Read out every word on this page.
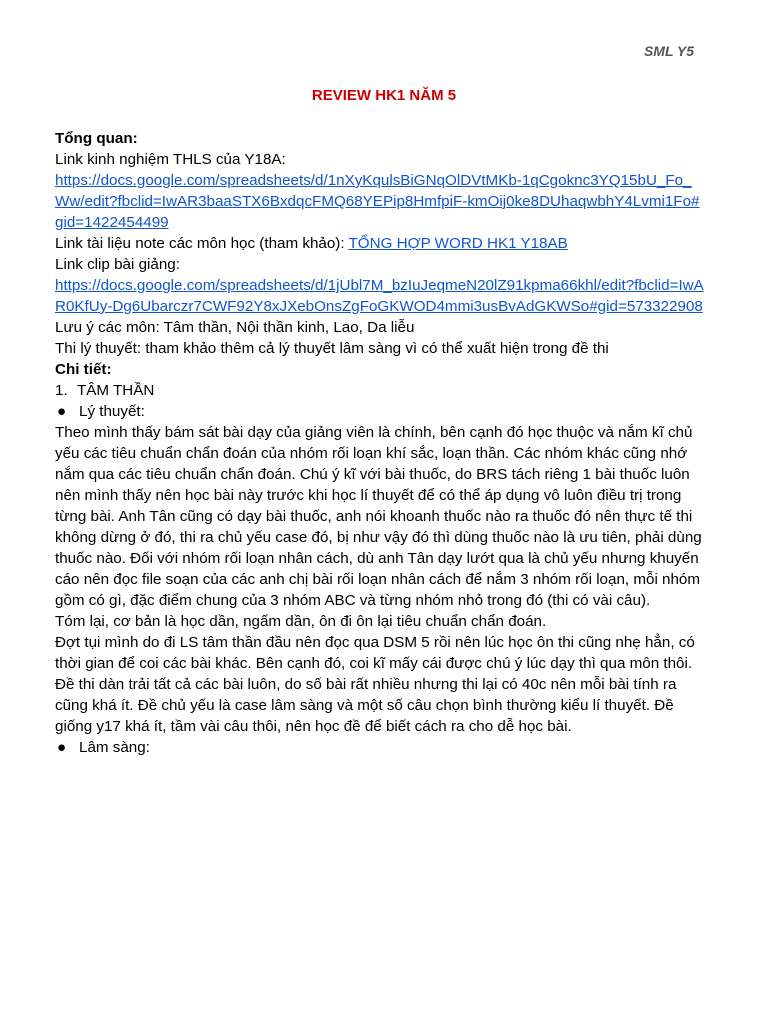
SML Y5
REVIEW HK1 NĂM 5

Tổng quan:

Link kinh nghiệm THLS của Y18A:

https://docs.google.com/spreadsheets/d/1nXyKqulsBiGNqOlDVtMKb-1qCgoknc3YQ15bU_Fo_Ww/edit?fbclid=IwAR3baaSTX6BxdqcFMQ68YEPip8HmfpiF-kmOij0ke8DUhaqwbhY4Lvmi1Fo#gid=1422454499

Link tài liệu note các môn học (tham khảo): TỔNG HỢP WORD HK1 Y18AB

Link clip bài giảng:

https://docs.google.com/spreadsheets/d/1jUbl7M_bzIuJeqmeN20lZ91kpma66khl/edit?fbclid=IwAR0KfUy-Dg6Ubarczr7CWF92Y8xJXebOnsZgFoGKWOD4mmi3usBvAdGKWSo#gid=573322908

Lưu ý các môn: Tâm thần, Nội thần kinh, Lao, Da liễu

Thi lý thuyết: tham khảo thêm cả lý thuyết lâm sàng vì có thể xuất hiện trong đề thi

Chi tiết:

1. TÂM THẦN

● Lý thuyết:

Theo mình thấy bám sát bài dạy của giảng viên là chính, bên cạnh đó học thuộc và nắm kĩ chủ yếu các tiêu chuẩn chẩn đoán của nhóm rối loạn khí sắc, loạn thần. Các nhóm khác cũng nhớ nắm qua các tiêu chuẩn chẩn đoán. Chú ý kĩ với bài thuốc, do BRS tách riêng 1 bài thuốc luôn nên mình thấy nên học bài này trước khi học lí thuyết để có thể áp dụng vô luôn điều trị trong từng bài. Anh Tân cũng có dạy bài thuốc, anh nói khoanh thuốc nào ra thuốc đó nên thực tế thi không dừng ở đó, thi ra chủ yếu case đó, bị như vậy đó thì dùng thuốc nào là ưu tiên, phải dùng thuốc nào. Đối với nhóm rối loạn nhân cách, dù anh Tân dạy lướt qua là chủ yếu nhưng khuyến cáo nên đọc file soạn của các anh chị bài rối loạn nhân cách để nắm 3 nhóm rối loạn, mỗi nhóm gồm có gì, đặc điểm chung của 3 nhóm ABC và từng nhóm nhỏ trong đó (thi có vài câu).

Tóm lại, cơ bản là học dần, ngấm dần, ôn đi ôn lại tiêu chuẩn chẩn đoán.

Đợt tụi mình do đi LS tâm thần đầu nên đọc qua DSM 5 rồi nên lúc học ôn thi cũng nhẹ hẳn, có thời gian để coi các bài khác. Bên cạnh đó, coi kĩ mấy cái được chú ý lúc dạy thì qua môn thôi.

Đề thi dàn trải tất cả các bài luôn, do số bài rất nhiều nhưng thi lại có 40c nên mỗi bài tính ra cũng khá ít. Đề chủ yếu là case lâm sàng và một số câu chọn bình thường kiểu lí thuyết. Đề giống y17 khá ít, tầm vài câu thôi, nên học đề để biết cách ra cho dễ học bài.

● Lâm sàng:
